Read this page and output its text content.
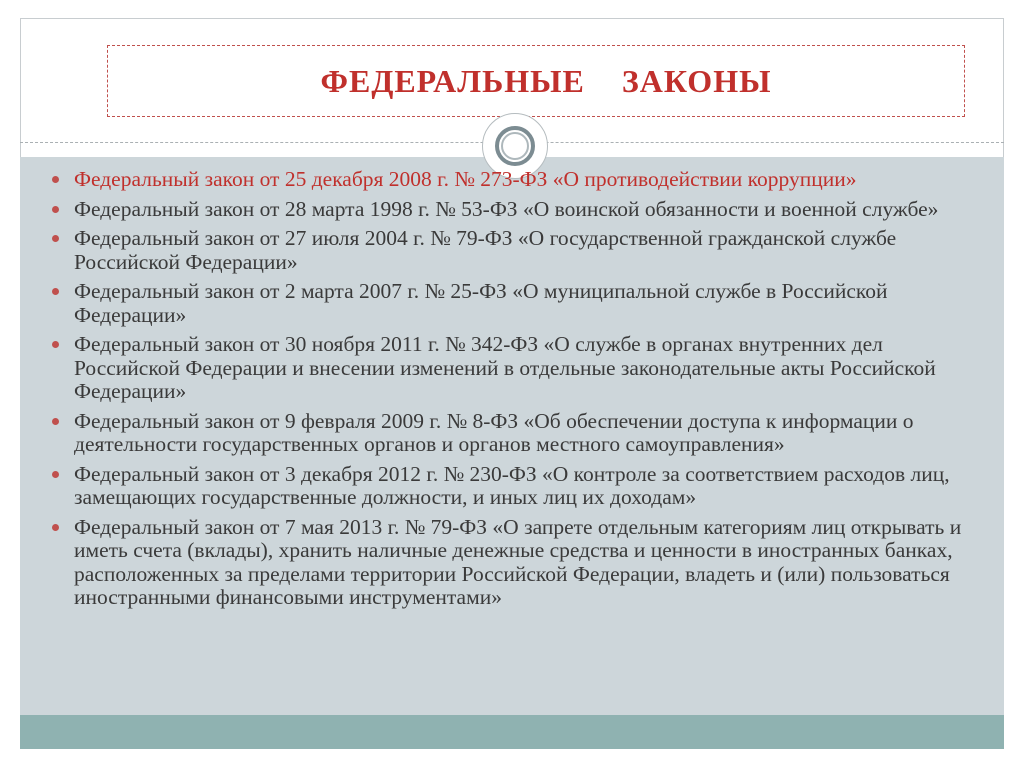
ФЕДЕРАЛЬНЫЕ ЗАКОНЫ
Федеральный закон от 25 декабря 2008 г. № 273-ФЗ «О противодействии коррупции»
Федеральный закон от 28 марта 1998 г. № 53-ФЗ «О воинской обязанности и военной службе»
Федеральный закон от 27 июля 2004 г. № 79-ФЗ «О государственной гражданской службе Российской Федерации»
Федеральный закон от 2 марта 2007 г. № 25-ФЗ «О муниципальной службе в Российской Федерации»
Федеральный закон от 30 ноября 2011 г. № 342-ФЗ «О службе в органах внутренних дел Российской Федерации и внесении изменений в отдельные законодательные акты Российской Федерации»
Федеральный закон от 9 февраля 2009 г. № 8-ФЗ «Об обеспечении доступа к информации о деятельности государственных органов и органов местного самоуправления»
Федеральный закон от 3 декабря 2012 г. № 230-ФЗ «О контроле за соответствием расходов лиц, замещающих государственные должности, и иных лиц их доходам»
Федеральный закон от 7 мая 2013 г. № 79-ФЗ «О запрете отдельным категориям лиц открывать и иметь счета (вклады), хранить наличные денежные средства и ценности в иностранных банках, расположенных за пределами территории Российской Федерации, владеть и (или) пользоваться иностранными финансовыми инструментами»
